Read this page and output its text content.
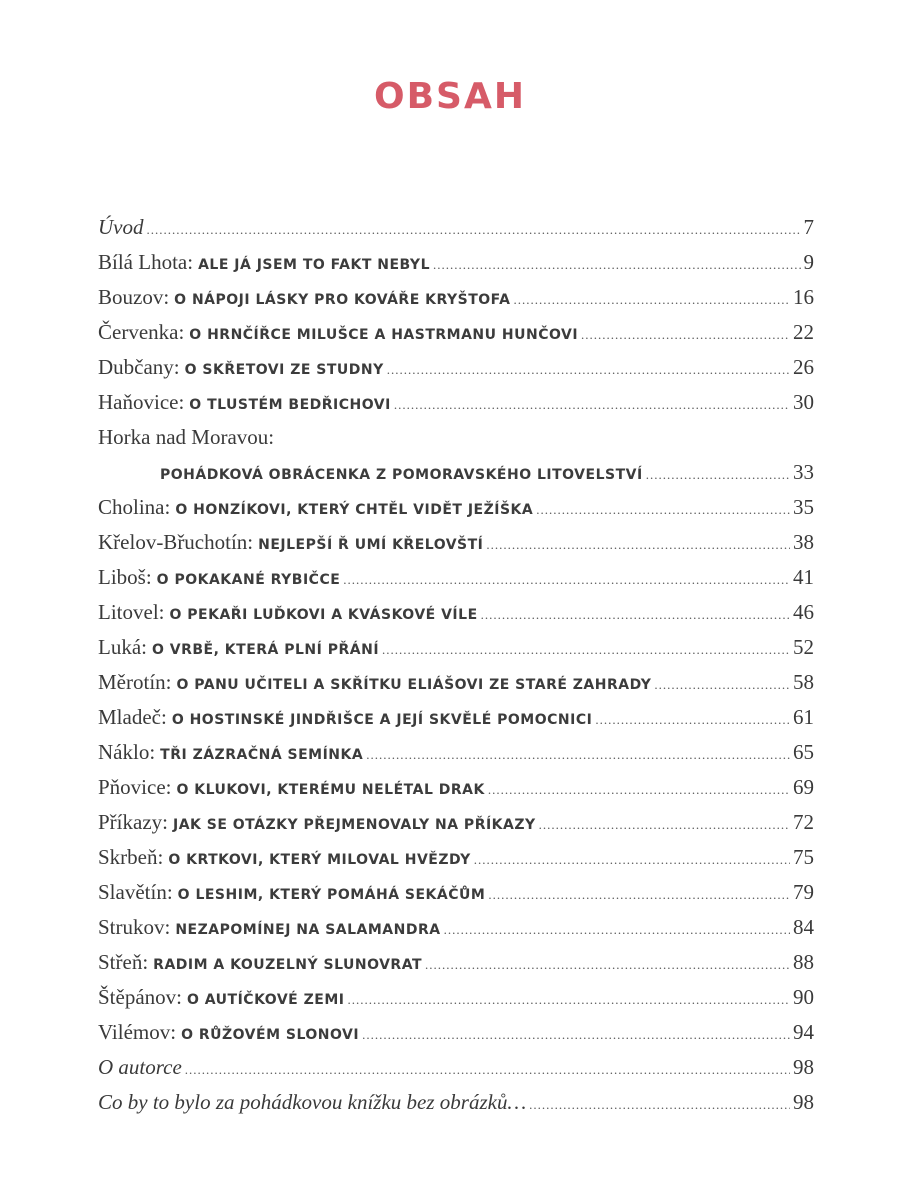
OBSAH
Úvod .....	7
Bílá Lhota: ALE JÁ JSEM TO FAKT NEBYL .....	9
Bouzov: O NÁPOJI LÁSKY PRO KOVÁŘE KRYŠTOFA .....	16
Červenka: O HRNČÍŘCE MILUŠCE A HASTRMANU HUNČOVI .....	22
Dubčany: O SKŘETOVI ZE STUDNY .....	26
Haňovice: O TLUSTÉM BEDŘICHOVI .....	30
Horka nad Moravou:
POHÁDKOVÁ OBRÁCENKA Z POMORAVSKÉHO LITOVELSTVÍ .....	33
Cholina: O HONZÍKOVI, KTERÝ CHTĚL VIDĚT JEŽÍŠKA .....	35
Křelov-Břuchotín: NEJLEPŠÍ Ř UMÍ KŘELOVŠTÍ .....	38
Liboš: O POKAKANÉ RYBIČCE .....	41
Litovel: O PEKAŘI LUĎKOVI A KVÁSKOVÉ VÍLE .....	46
Luká: O VRBĚ, KTERÁ PLNÍ PŘÁNÍ .....	52
Měrotín: O PANU UČITELI A SKŘÍTKU ELIÁŠOVI ZE STARÉ ZAHRADY .....	58
Mladeč: O HOSTINSKÉ JINDŘIŠCE A JEJÍ SKVĚLÉ POMOCNICI .....	61
Náklo: TŘI ZÁZRAČNÁ SEMÍNKA .....	65
Pňovice: O KLUKOVI, KTERÉMU NELÉTAL DRAK .....	69
Příkazy: JAK SE OTÁZKY PŘEJMENOVALY NA PŘÍKAZY .....	72
Skrbeň: O KRTKOVI, KTERÝ MILOVAL HVĚZDY .....	75
Slavětín: O LESHIM, KTERÝ POMÁHÁ SEKÁČŮM .....	79
Strukov: NEZAPOMÍNEJ NA SALAMANDRA .....	84
Střeň: RADIM A KOUZELNÝ SLUNOVRAT .....	88
Štěpánov: O AUTÍČKOVÉ ZEMI .....	90
Vilémov: O RŮŽOVÉM SLONOVI .....	94
O autorce .....	98
Co by to bylo za pohádkovou knížku bez obrázků… .....	98
